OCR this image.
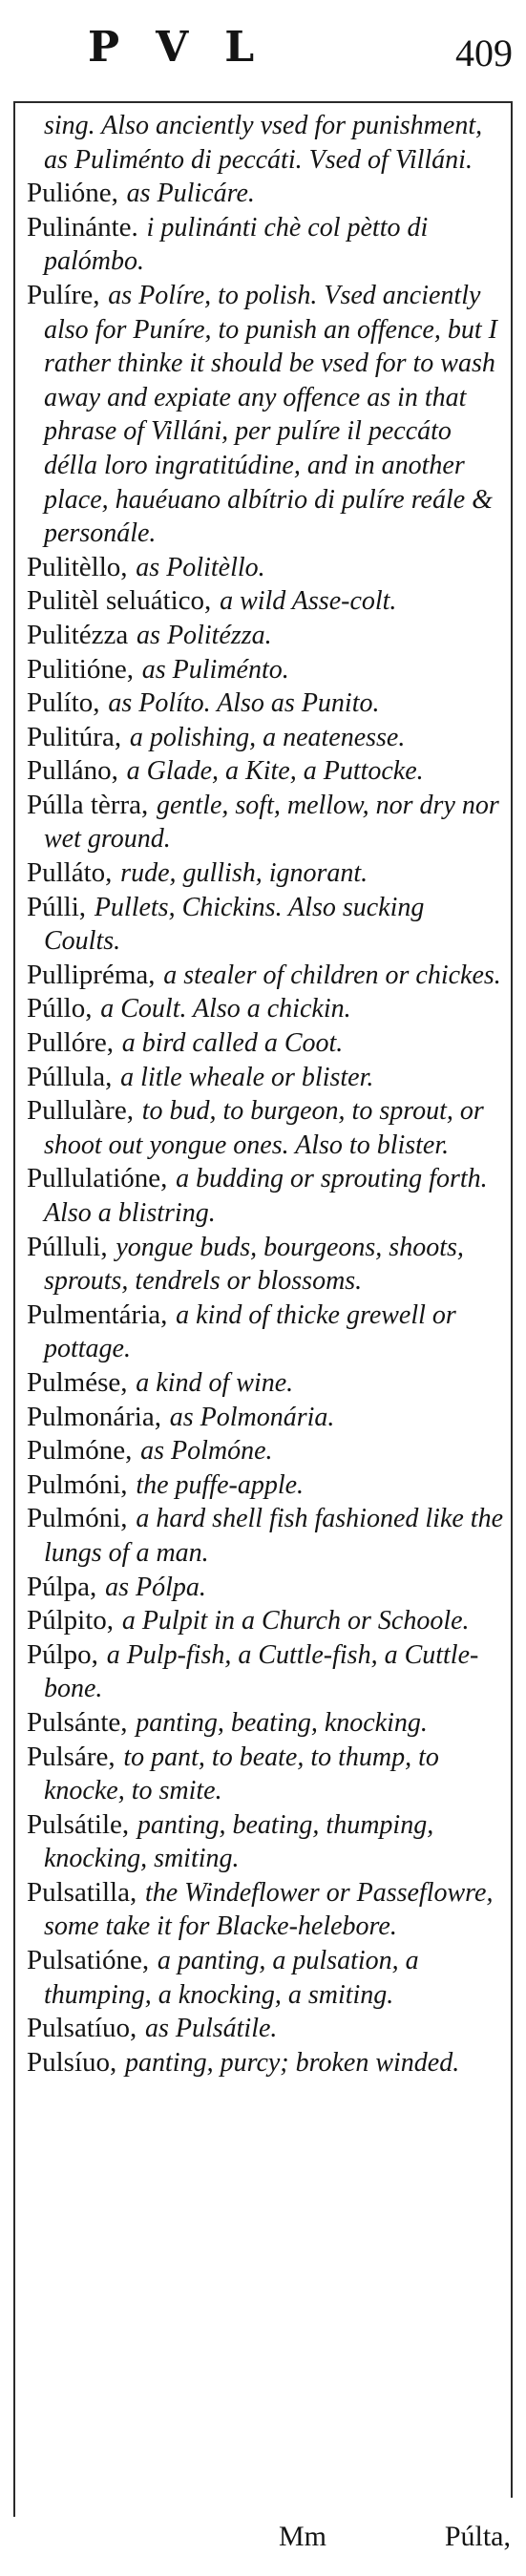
PVL	409

sing. Also anciently vsed for punishment, as Puliménto di peccáti. Vsed of Villáni.

Pulióne, as Pulicáre.

Pulinánte. i pulinánti chè col pètto di palómbo.

Pulíre, as Políre, to polish. Vsed anciently also for Puníre, to punish an offence, but I rather thinke it should be vsed for to wash away and expiate any offence as in that phrase of Villáni, per pulíre il peccáto délla loro ingratitúdine, and in another place, hauéuano albítrio di pulíre reále & personále.

Pulitèllo, as Politèllo.

Pulitèl seluático, a wild Asse-colt.

Pulitézza as Politézza.

Pulitióne, as Puliménto.

Pulíto, as Políto. Also as Punito.

Pulitúra, a polishing, a neatenesse.

Pulláno, a Glade, a Kite, a Puttocke.

Púlla tèrra, gentle, soft, mellow, nor dry nor wet ground.

Pulláto, rude, gullish, ignorant.

Púlli, Pullets, Chickins. Also sucking Coults.

Pullipréma, a stealer of children or chickes.

Púllo, a Coult. Also a chickin.

Pullóre, a bird called a Coot.

Púllula, a litle wheale or blister.

Pullulàre, to bud, to burgeon, to sprout, or shoot out yongue ones. Also to blister.

Pullulatióne, a budding or sprouting forth. Also a blistring.

Púlluli, yongue buds, bourgeons, shoots, sprouts, tendrels or blossoms.

Pulmentária, a kind of thicke grewell or pottage.

Pulmése, a kind of wine.

Pulmonária, as Polmonária.

Pulmóne, as Polmóne.

Pulmóni, the puffe-apple.

Pulmóni, a hard shell fish fashioned like the lungs of a man.

Púlpa, as Pólpa.

Púlpito, a Pulpit in a Church or Schoole.

Púlpo, a Pulp-fish, a Cuttle-fish, a Cuttle-bone.

Pulsánte, panting, beating, knocking.

Pulsáre, to pant, to beate, to thump, to knocke, to smite.

Pulsátile, panting, beating, thumping, knocking, smiting.

Pulsatilla, the Windeflower or Passeflowre, some take it for Blacke-helebore.

Pulsatióne, a panting, a pulsation, a thumping, a knocking, a smiting.

Pulsatíuo, as Pulsátile.

Pulsíuo, panting, purcy; broken winded.

Mm	Púlta,
